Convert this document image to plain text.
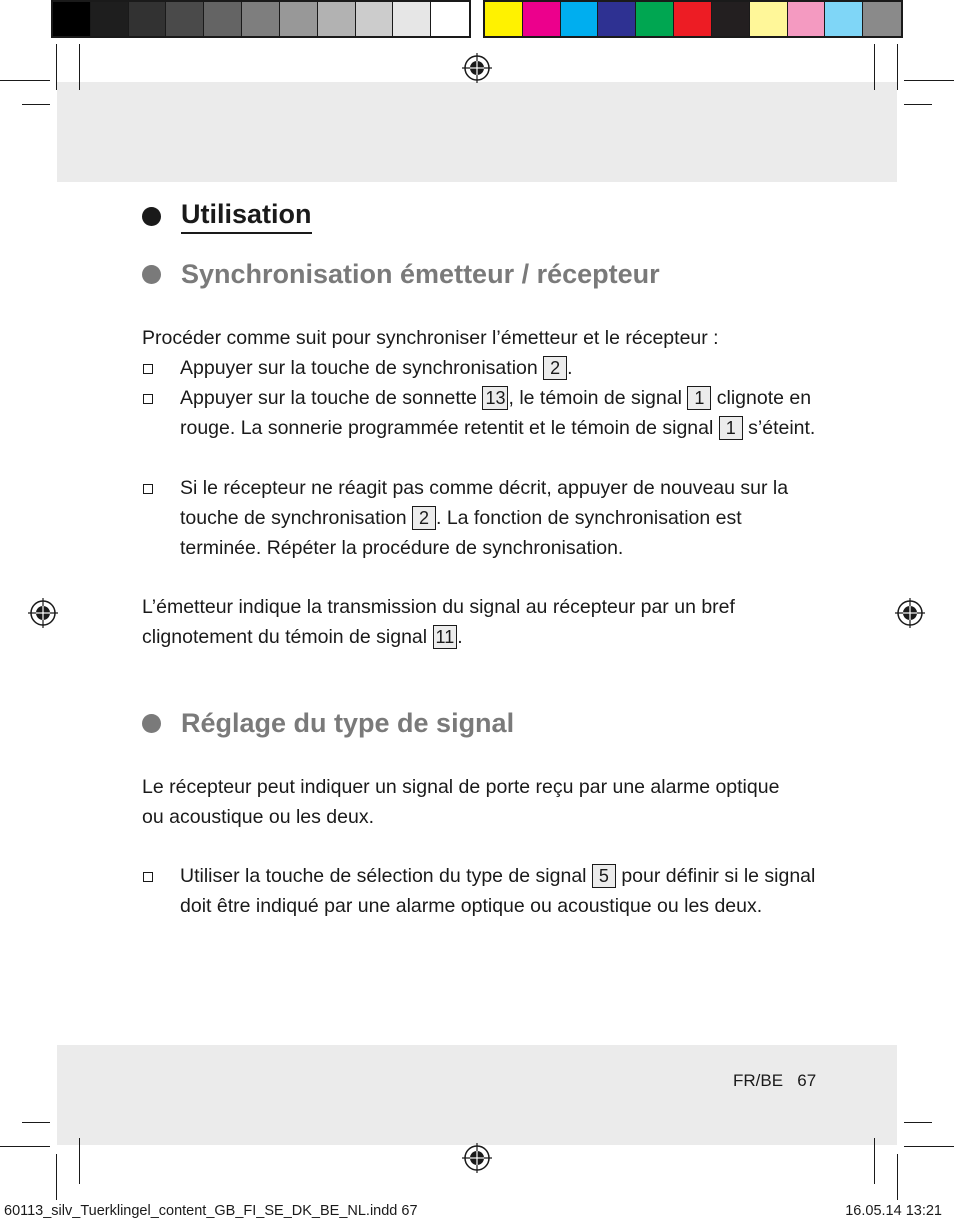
Utilisation
Synchronisation émetteur / récepteur
Procéder comme suit pour synchroniser l’émetteur et le récepteur :
Appuyer sur la touche de synchronisation 2 .
Appuyer sur la touche de sonnette 13 , le témoin de signal 1 clignote en rouge. La sonnerie programmée retentit et le témoin de signal 1 s’éteint.
Si le récepteur ne réagit pas comme décrit, appuyer de nouveau sur la touche de synchronisation 2 . La fonction de synchronisation est terminée. Répéter la procédure de synchronisation.
L’émetteur indique la transmission du signal au récepteur par un bref clignotement du témoin de signal 11 .
Réglage du type de signal
Le récepteur peut indiquer un signal de porte reçu par une alarme optique ou acoustique ou les deux.
Utiliser la touche de sélection du type de signal 5 pour définir si le signal doit être indiqué par une alarme optique ou acoustique ou les deux.
FR/BE 67
60113_silv_Tuerklingel_content_GB_FI_SE_DK_BE_NL.indd 67	16.05.14 13:21
